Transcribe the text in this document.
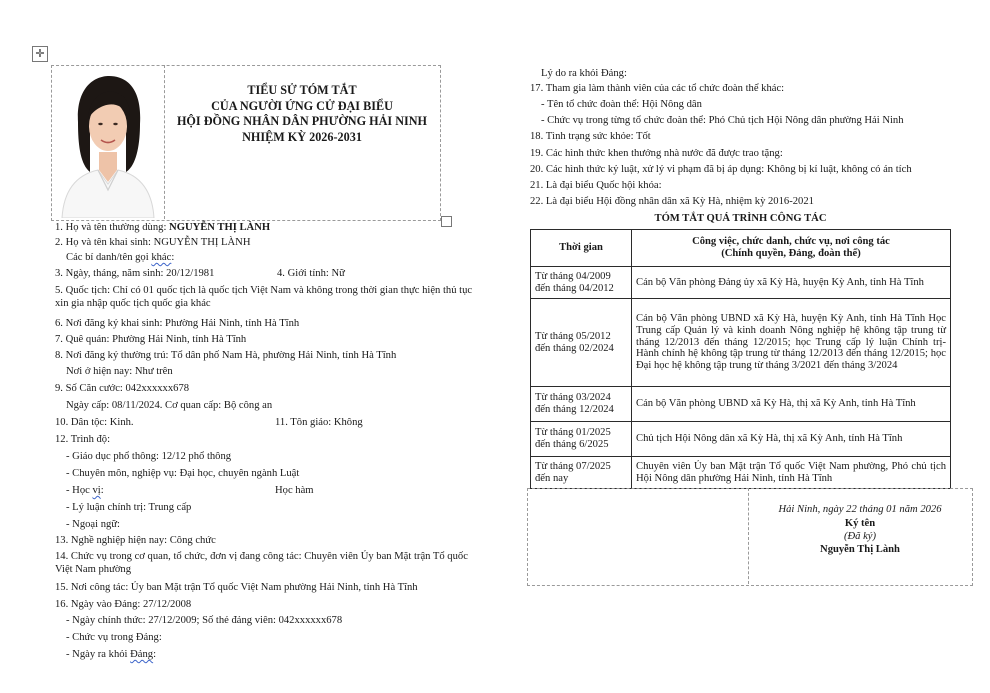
✛
TIỂU SỬ TÓM TẮT
CỦA NGƯỜI ỨNG CỬ ĐẠI BIỂU
HỘI ĐỒNG NHÂN DÂN PHƯỜNG HẢI NINH
NHIỆM KỲ 2026-2031
1. Họ và tên thường dùng: NGUYỄN THỊ LÀNH
2. Họ và tên khai sinh: NGUYỄN THỊ LÀNH
Các bí danh/tên gọi khác:
3. Ngày, tháng, năm sinh: 20/12/1981	4. Giới tính: Nữ
5. Quốc tịch: Chỉ có 01 quốc tịch là quốc tịch Việt Nam và không trong thời gian thực hiện thủ tục xin gia nhập quốc tịch quốc gia khác
6. Nơi đăng ký khai sinh: Phường Hải Ninh, tỉnh Hà Tĩnh
7. Quê quán: Phường Hải Ninh, tỉnh Hà Tĩnh
8. Nơi đăng ký thường trú: Tổ dân phố Nam Hà, phường Hải Ninh, tỉnh Hà Tĩnh
Nơi ở hiện nay: Như trên
9. Số Căn cước: 042xxxxxx678
Ngày cấp: 08/11/2024. Cơ quan cấp: Bộ công an
10. Dân tộc: Kinh.	11. Tôn giáo: Không
12. Trình độ:
- Giáo dục phổ thông: 12/12 phổ thông
- Chuyên môn, nghiệp vụ: Đại học, chuyên ngành Luật
- Học vị:	Học hàm
- Lý luận chính trị: Trung cấp
- Ngoại ngữ:
13. Nghề nghiệp hiện nay: Công chức
14. Chức vụ trong cơ quan, tổ chức, đơn vị đang công tác: Chuyên viên Ủy ban Mặt trận Tổ quốc Việt Nam phường
15. Nơi công tác: Ủy ban Mặt trận Tổ quốc Việt Nam phường Hải Ninh, tỉnh Hà Tĩnh
16. Ngày vào Đảng: 27/12/2008
- Ngày chính thức: 27/12/2009; Số thẻ đảng viên: 042xxxxxx678
- Chức vụ trong Đảng:
- Ngày ra khỏi Đảng:
Lý do ra khỏi Đảng:
17. Tham gia làm thành viên của các tổ chức đoàn thể khác:
- Tên tổ chức đoàn thể: Hội Nông dân
- Chức vụ trong từng tổ chức đoàn thể: Phó Chủ tịch Hội Nông dân phường Hải Ninh
18. Tình trạng sức khỏe: Tốt
19. Các hình thức khen thưởng nhà nước đã được trao tặng:
20. Các hình thức kỷ luật, xử lý vi phạm đã bị áp dụng: Không bị kỉ luật, không có án tích
21. Là đại biểu Quốc hội khóa:
22. Là đại biểu Hội đồng nhân dân xã Kỳ Hà, nhiệm kỳ 2016-2021
TÓM TẮT QUÁ TRÌNH CÔNG TÁC
Thời gian	Công việc, chức danh, chức vụ, nơi công tác
(Chính quyền, Đảng, đoàn thể)

Từ tháng 04/2009
đến tháng 04/2012	Cán bộ Văn phòng Đảng ủy xã Kỳ Hà, huyện Kỳ Anh, tỉnh Hà Tĩnh

Từ tháng 05/2012
đến tháng 02/2024	Cán bộ Văn phòng UBND xã Kỳ Hà, huyện Kỳ Anh, tỉnh Hà Tĩnh Học Trung cấp Quản lý và kinh doanh Nông nghiệp hệ không tập trung từ tháng 12/2013 đến tháng 12/2015; học Trung cấp lý luận Chính trị- Hành chính hệ không tập trung từ tháng 12/2013 đến tháng 12/2015; học Đại học hệ không tập trung từ tháng 3/2021 đến tháng 3/2024

Từ tháng 03/2024
đến tháng 12/2024	Cán bộ Văn phòng UBND xã Kỳ Hà, thị xã Kỳ Anh, tỉnh Hà Tĩnh

Từ tháng 01/2025
đến tháng 6/2025	Chủ tịch Hội Nông dân xã Kỳ Hà, thị xã Kỳ Anh, tỉnh Hà Tĩnh

Từ tháng 07/2025
đến nay	Chuyên viên Ủy ban Mặt trận Tổ quốc Việt Nam phường, Phó chủ tịch Hội Nông dân phường Hải Ninh, tỉnh Hà Tĩnh
Hải Ninh, ngày 22 tháng 01 năm 2026
Ký tên
(Đã ký)
Nguyễn Thị Lành
